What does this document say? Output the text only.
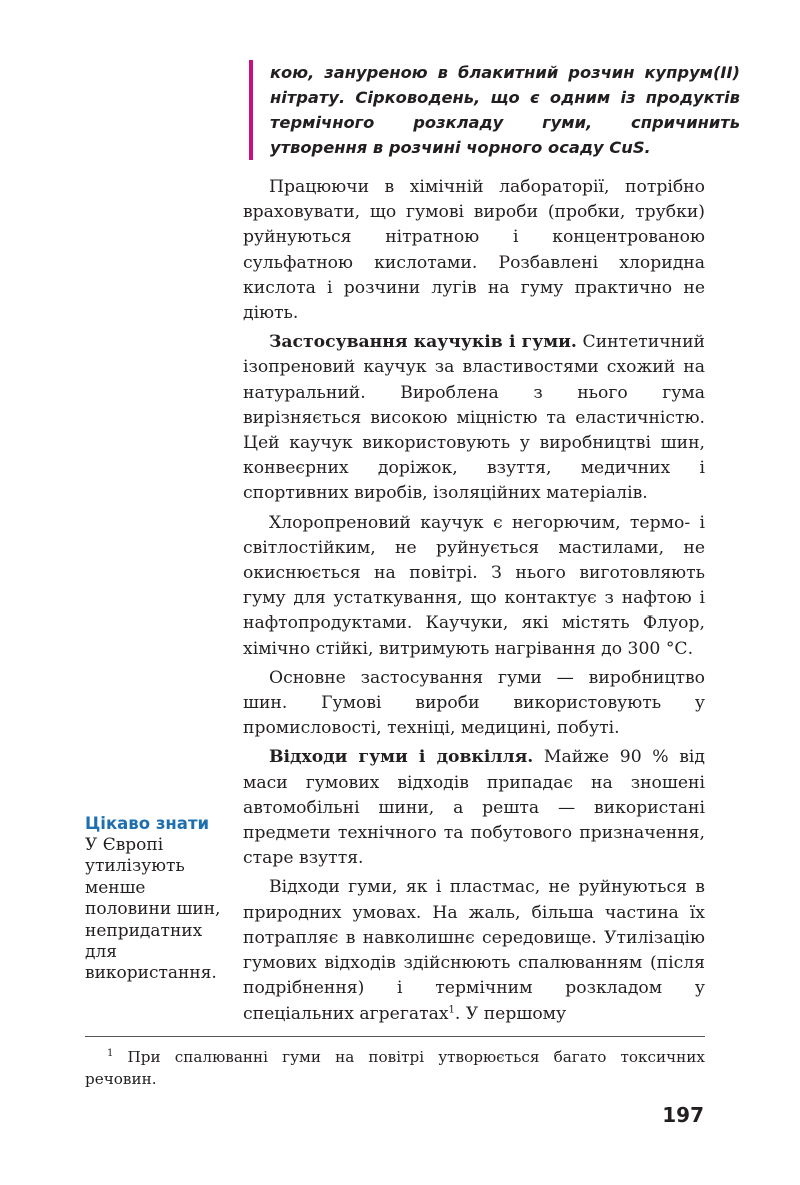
кою, зануреною в блакитний розчин купрум(ІІ) нітрату. Сірководень, що є одним із продуктів термічного розкладу гуми, спричинить утворення в розчині чорного осаду CuS.

Працюючи в хімічній лабораторії, потрібно враховувати, що гумові вироби (пробки, трубки) руйнуються нітратною і концентрованою сульфатною кислотами. Розбавлені хлоридна кислота і розчини лугів на гуму практично не діють.

Застосування каучуків і гуми. Синтетичний ізопреновий каучук за властивостями схожий на натуральний. Вироблена з нього гума вирізняється високою міцністю та еластичністю. Цей каучук використовують у виробництві шин, конвеєрних доріжок, взуття, медичних і спортивних виробів, ізоляційних матеріалів.

Хлоропреновий каучук є негорючим, термо- і світлостійким, не руйнується мастилами, не окиснюється на повітрі. З нього виготовляють гуму для устаткування, що контактує з нафтою і нафтопродуктами. Каучуки, які містять Флуор, хімічно стійкі, витримують нагрівання до 300 °С.

Основне застосування гуми — виробництво шин. Гумові вироби використовують у промисловості, техніці, медицині, побуті.

Відходи гуми і довкілля. Майже 90 % від маси гумових відходів припадає на зношені автомобільні шини, а решта — використані предмети технічного та побутового призначення, старе взуття.

Відходи гуми, як і пластмас, не руйнуються в природних умовах. На жаль, більша частина їх потрапляє в навколишнє середовище. Утилізацію гумових відходів здійснюють спалюванням (після подрібнення) і термічним розкладом у спеціальних агрегатах$^1$. У першому

Цікаво знати
У Європі утилізують менше половини шин, непридатних для використання.
$^1$ При спалюванні гуми на повітрі утворюється багато токсичних речовин.
197
